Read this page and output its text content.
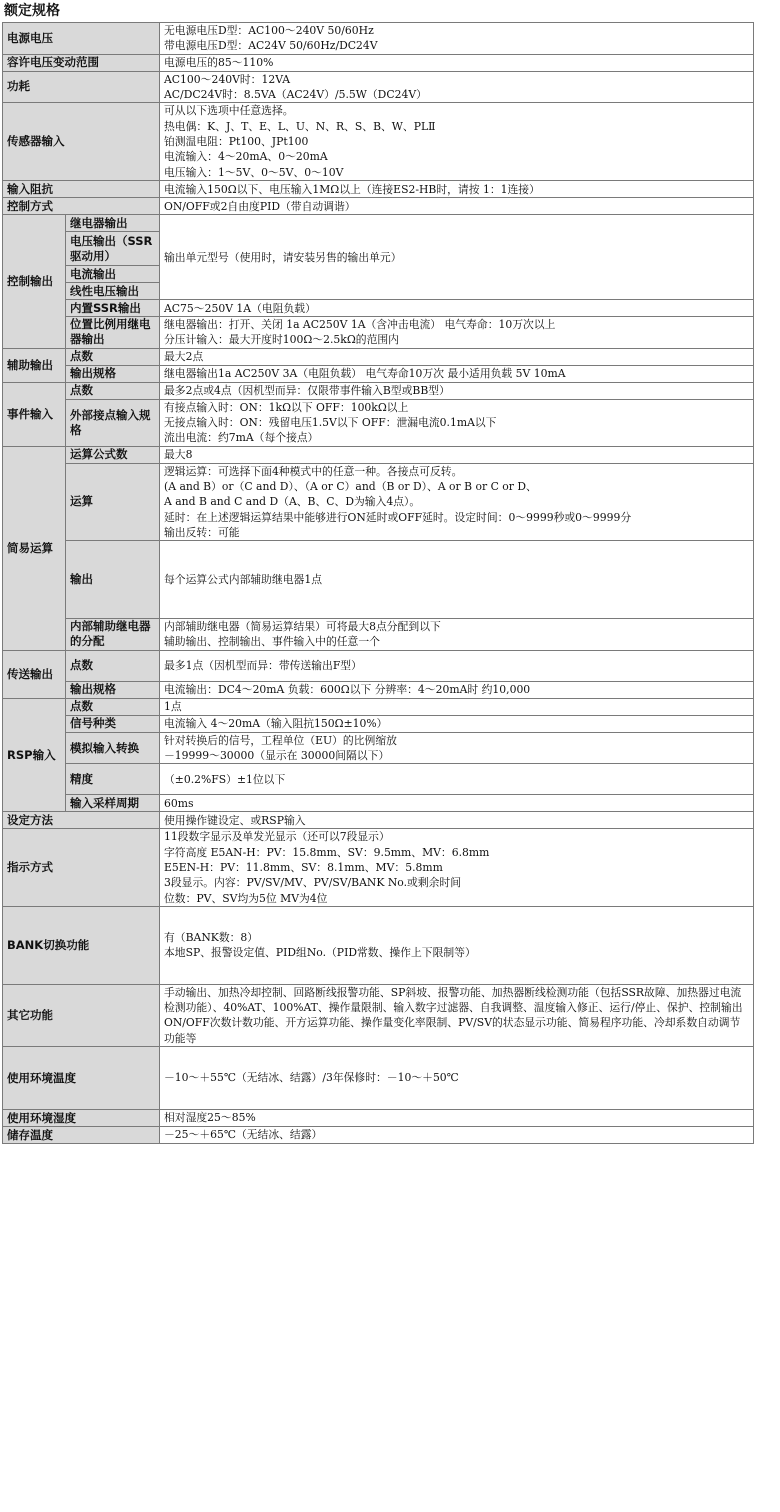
额定规格
电源电压		无电源电压D型：AC100～240V 50/60Hz
带电源电压D型：AC24V 50/60Hz/DC24V

容许电压变动范围		电源电压的85～110%

功耗		AC100～240V时：12VA
AC/DC24V时：8.5VA（AC24V）/5.5W（DC24V）

传感器输入		可从以下选项中任意选择。
热电偶：K、J、T、E、L、U、N、R、S、B、W、PLⅡ
铂测温电阻：Pt100、JPt100
电流输入：4～20mA、0～20mA
电压输入：1～5V、0～5V、0～10V

输入阻抗		电流输入150Ω以下、电压输入1MΩ以上（连接ES2-HB时，请按 1：1连接）

控制方式		ON/OFF或2自由度PID（带自动调谐）

控制输出	继电器输出	输出单元型号（使用时，请安装另售的输出单元）
	电压输出（SSR驱动用）	
	电流输出	
	线性电压输出	
	内置SSR输出	AC75～250V 1A（电阻负载）

	位置比例用继电器输出	继电器输出：打开、关闭 1a AC250V 1A（含冲击电流） 电气寿命：10万次以上
分压计输入：最大开度时100Ω～2.5kΩ的范围内

辅助输出	点数	最大2点

	输出规格	继电器输出1a AC250V 3A（电阻负载） 电气寿命10万次 最小适用负载 5V 10mA

事件输入	点数	最多2点或4点（因机型而异：仅限带事件输入B型或BB型）

	外部接点输入规格	有接点输入时：ON：1kΩ以下 OFF：100kΩ以上
无接点输入时：ON：残留电压1.5V以下 OFF：泄漏电流0.1mA以下
流出电流：约7mA（每个接点）

简易运算	运算公式数	最大8

	运算	逻辑运算：可选择下面4种模式中的任意一种。各接点可反转。
(A and B）or（C and D）、（A or C）and（B or D）、A or B or C or D、
A and B and C and D（A、B、C、D为输入4点）。
延时：在上述逻辑运算结果中能够进行ON延时或OFF延时。设定时间：0～9999秒或0～9999分
输出反转：可能

	输出	每个运算公式内部辅助继电器1点

	内部辅助继电器的分配	内部辅助继电器（简易运算结果）可将最大8点分配到以下
辅助输出、控制输出、事件输入中的任意一个

传送输出	点数	最多1点（因机型而异：带传送输出F型）

	输出规格	电流输出：DC4～20mA 负载：600Ω以下 分辨率：4～20mA时 约10,000

RSP输入	点数	1点

	信号种类	电流输入 4～20mA（输入阻抗150Ω±10%）

	模拟输入转换	针对转换后的信号，工程单位（EU）的比例缩放
－19999～30000（显示在 30000间隔以下）

	精度	（±0.2%FS）±1位以下

	输入采样周期	60ms

设定方法		使用操作键设定、或RSP输入

指示方式		11段数字显示及单发光显示（还可以7段显示）
字符高度 E5AN-H：PV：15.8mm、SV：9.5mm、MV：6.8mm
E5EN-H：PV：11.8mm、SV：8.1mm、MV：5.8mm
3段显示。内容：PV/SV/MV、PV/SV/BANK No.或剩余时间
位数：PV、SV均为5位 MV为4位

BANK切换功能		有（BANK数：8）
本地SP、报警设定值、PID组No.（PID常数、操作上下限制等）

其它功能		手动输出、加热冷却控制、回路断线报警功能、SP斜坡、报警功能、加热器断线检测功能（包括SSR故障、加热器过电流检测功能）、40%AT、100%AT、操作量限制、输入数字过滤器、自我调整、温度输入修正、运行/停止、保护、控制输出ON/OFF次数计数功能、开方运算功能、操作量变化率限制、PV/SV的状态显示功能、简易程序功能、冷却系数自动调节功能等

使用环境温度		－10～＋55℃（无结冰、结露）/3年保修时：－10～＋50℃

使用环境湿度		相对湿度25～85%

储存温度		－25～＋65℃（无结冰、结露）
